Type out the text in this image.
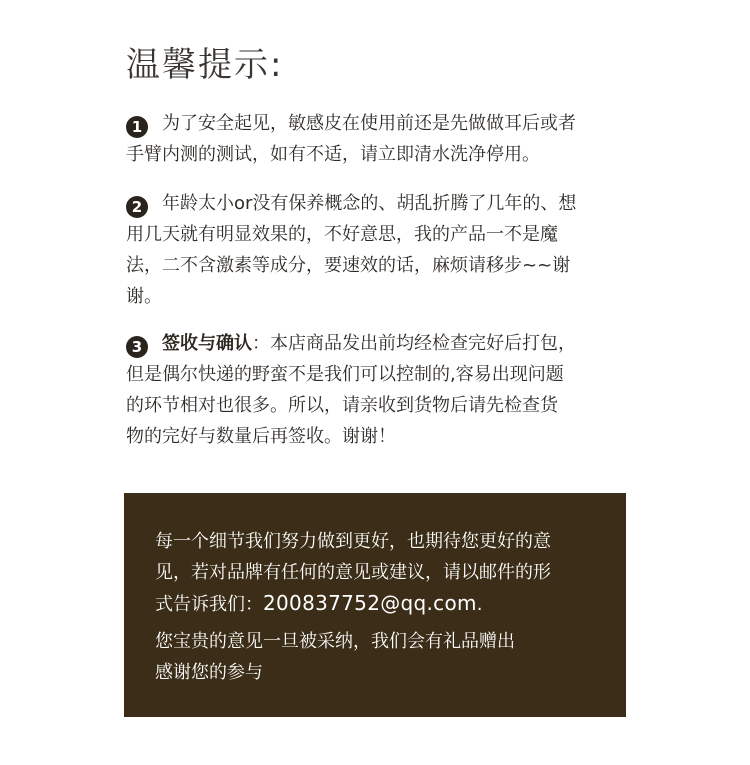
温馨提示:
1 为了安全起见，敏感皮在使用前还是先做做耳后或者
手臂内测的测试，如有不适，请立即清水洗净停用。
2 年龄太小or没有保养概念的、胡乱折腾了几年的、想
用几天就有明显效果的，不好意思，我的产品一不是魔
法，二不含激素等成分，要速效的话，麻烦请移步~~谢
谢。
3 签收与确认：本店商品发出前均经检查完好后打包，
但是偶尔快递的野蛮不是我们可以控制的,容易出现问题
的环节相对也很多。所以，请亲收到货物后请先检查货
物的完好与数量后再签收。谢谢！
每一个细节我们努力做到更好，也期待您更好的意
见，若对品牌有任何的意见或建议，请以邮件的形
式告诉我们：200837752@qq.com.
您宝贵的意见一旦被采纳，我们会有礼品赠出
感谢您的参与
